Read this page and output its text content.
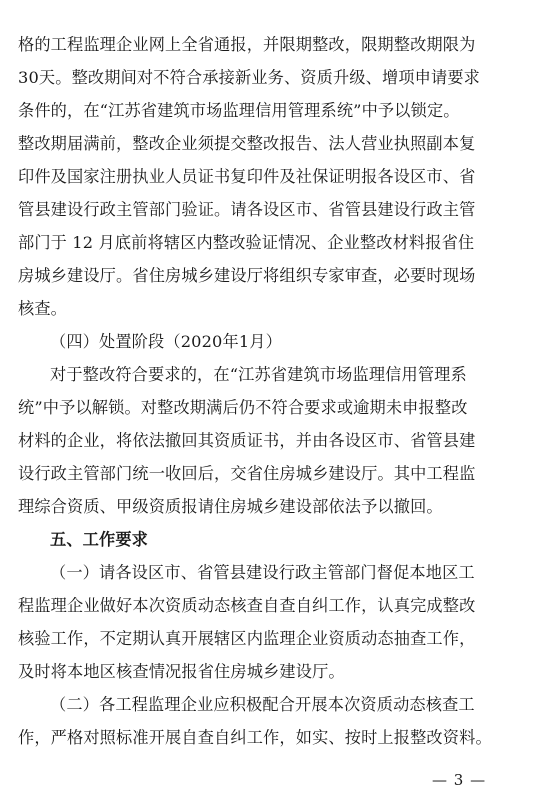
格的工程监理企业网上全省通报，并限期整改，限期整改期限为
30天。整改期间对不符合承接新业务、资质升级、增项申请要求
条件的，在“江苏省建筑市场监理信用管理系统”中予以锁定。
整改期届满前，整改企业须提交整改报告、法人营业执照副本复
印件及国家注册执业人员证书复印件及社保证明报各设区市、省
管县建设行政主管部门验证。请各设区市、省管县建设行政主管
部门于 12 月底前将辖区内整改验证情况、企业整改材料报省住
房城乡建设厅。省住房城乡建设厅将组织专家审查，必要时现场
核查。
（四）处置阶段（2020年1月）
对于整改符合要求的，在“江苏省建筑市场监理信用管理系
统”中予以解锁。对整改期满后仍不符合要求或逾期未申报整改
材料的企业，将依法撤回其资质证书，并由各设区市、省管县建
设行政主管部门统一收回后，交省住房城乡建设厅。其中工程监
理综合资质、甲级资质报请住房城乡建设部依法予以撤回。
五、工作要求
（一）请各设区市、省管县建设行政主管部门督促本地区工
程监理企业做好本次资质动态核查自查自纠工作，认真完成整改
核验工作，不定期认真开展辖区内监理企业资质动态抽查工作，
及时将本地区核查情况报省住房城乡建设厅。
（二）各工程监理企业应积极配合开展本次资质动态核查工
作，严格对照标准开展自查自纠工作，如实、按时上报整改资料。
— 3 —
